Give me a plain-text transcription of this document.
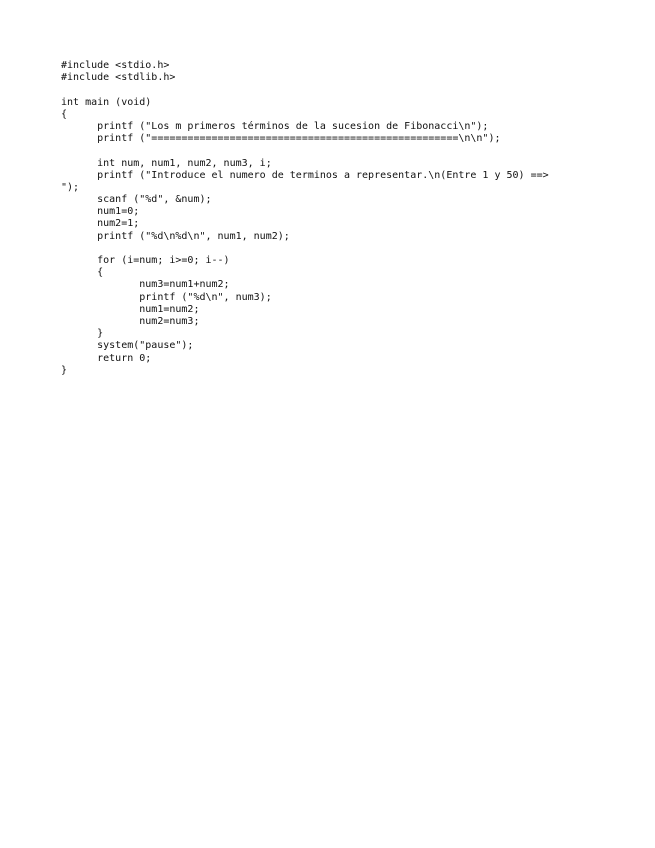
#include <stdio.h>
#include <stdlib.h>
int main (void)
{
printf ("Los m primeros términos de la sucesion de Fibonacci\n");
printf ("===================================================\n\n");
int num, num1, num2, num3, i;
printf ("Introduce el numero de terminos a representar.\n(Entre 1 y 50) ==>
");
scanf ("%d", &num);
num1=0;
num2=1;
printf ("%d\n%d\n", num1, num2);
for (i=num; i>=0; i--)
{
num3=num1+num2;
printf ("%d\n", num3);
num1=num2;
num2=num3;
}
system("pause");
return 0;
}
